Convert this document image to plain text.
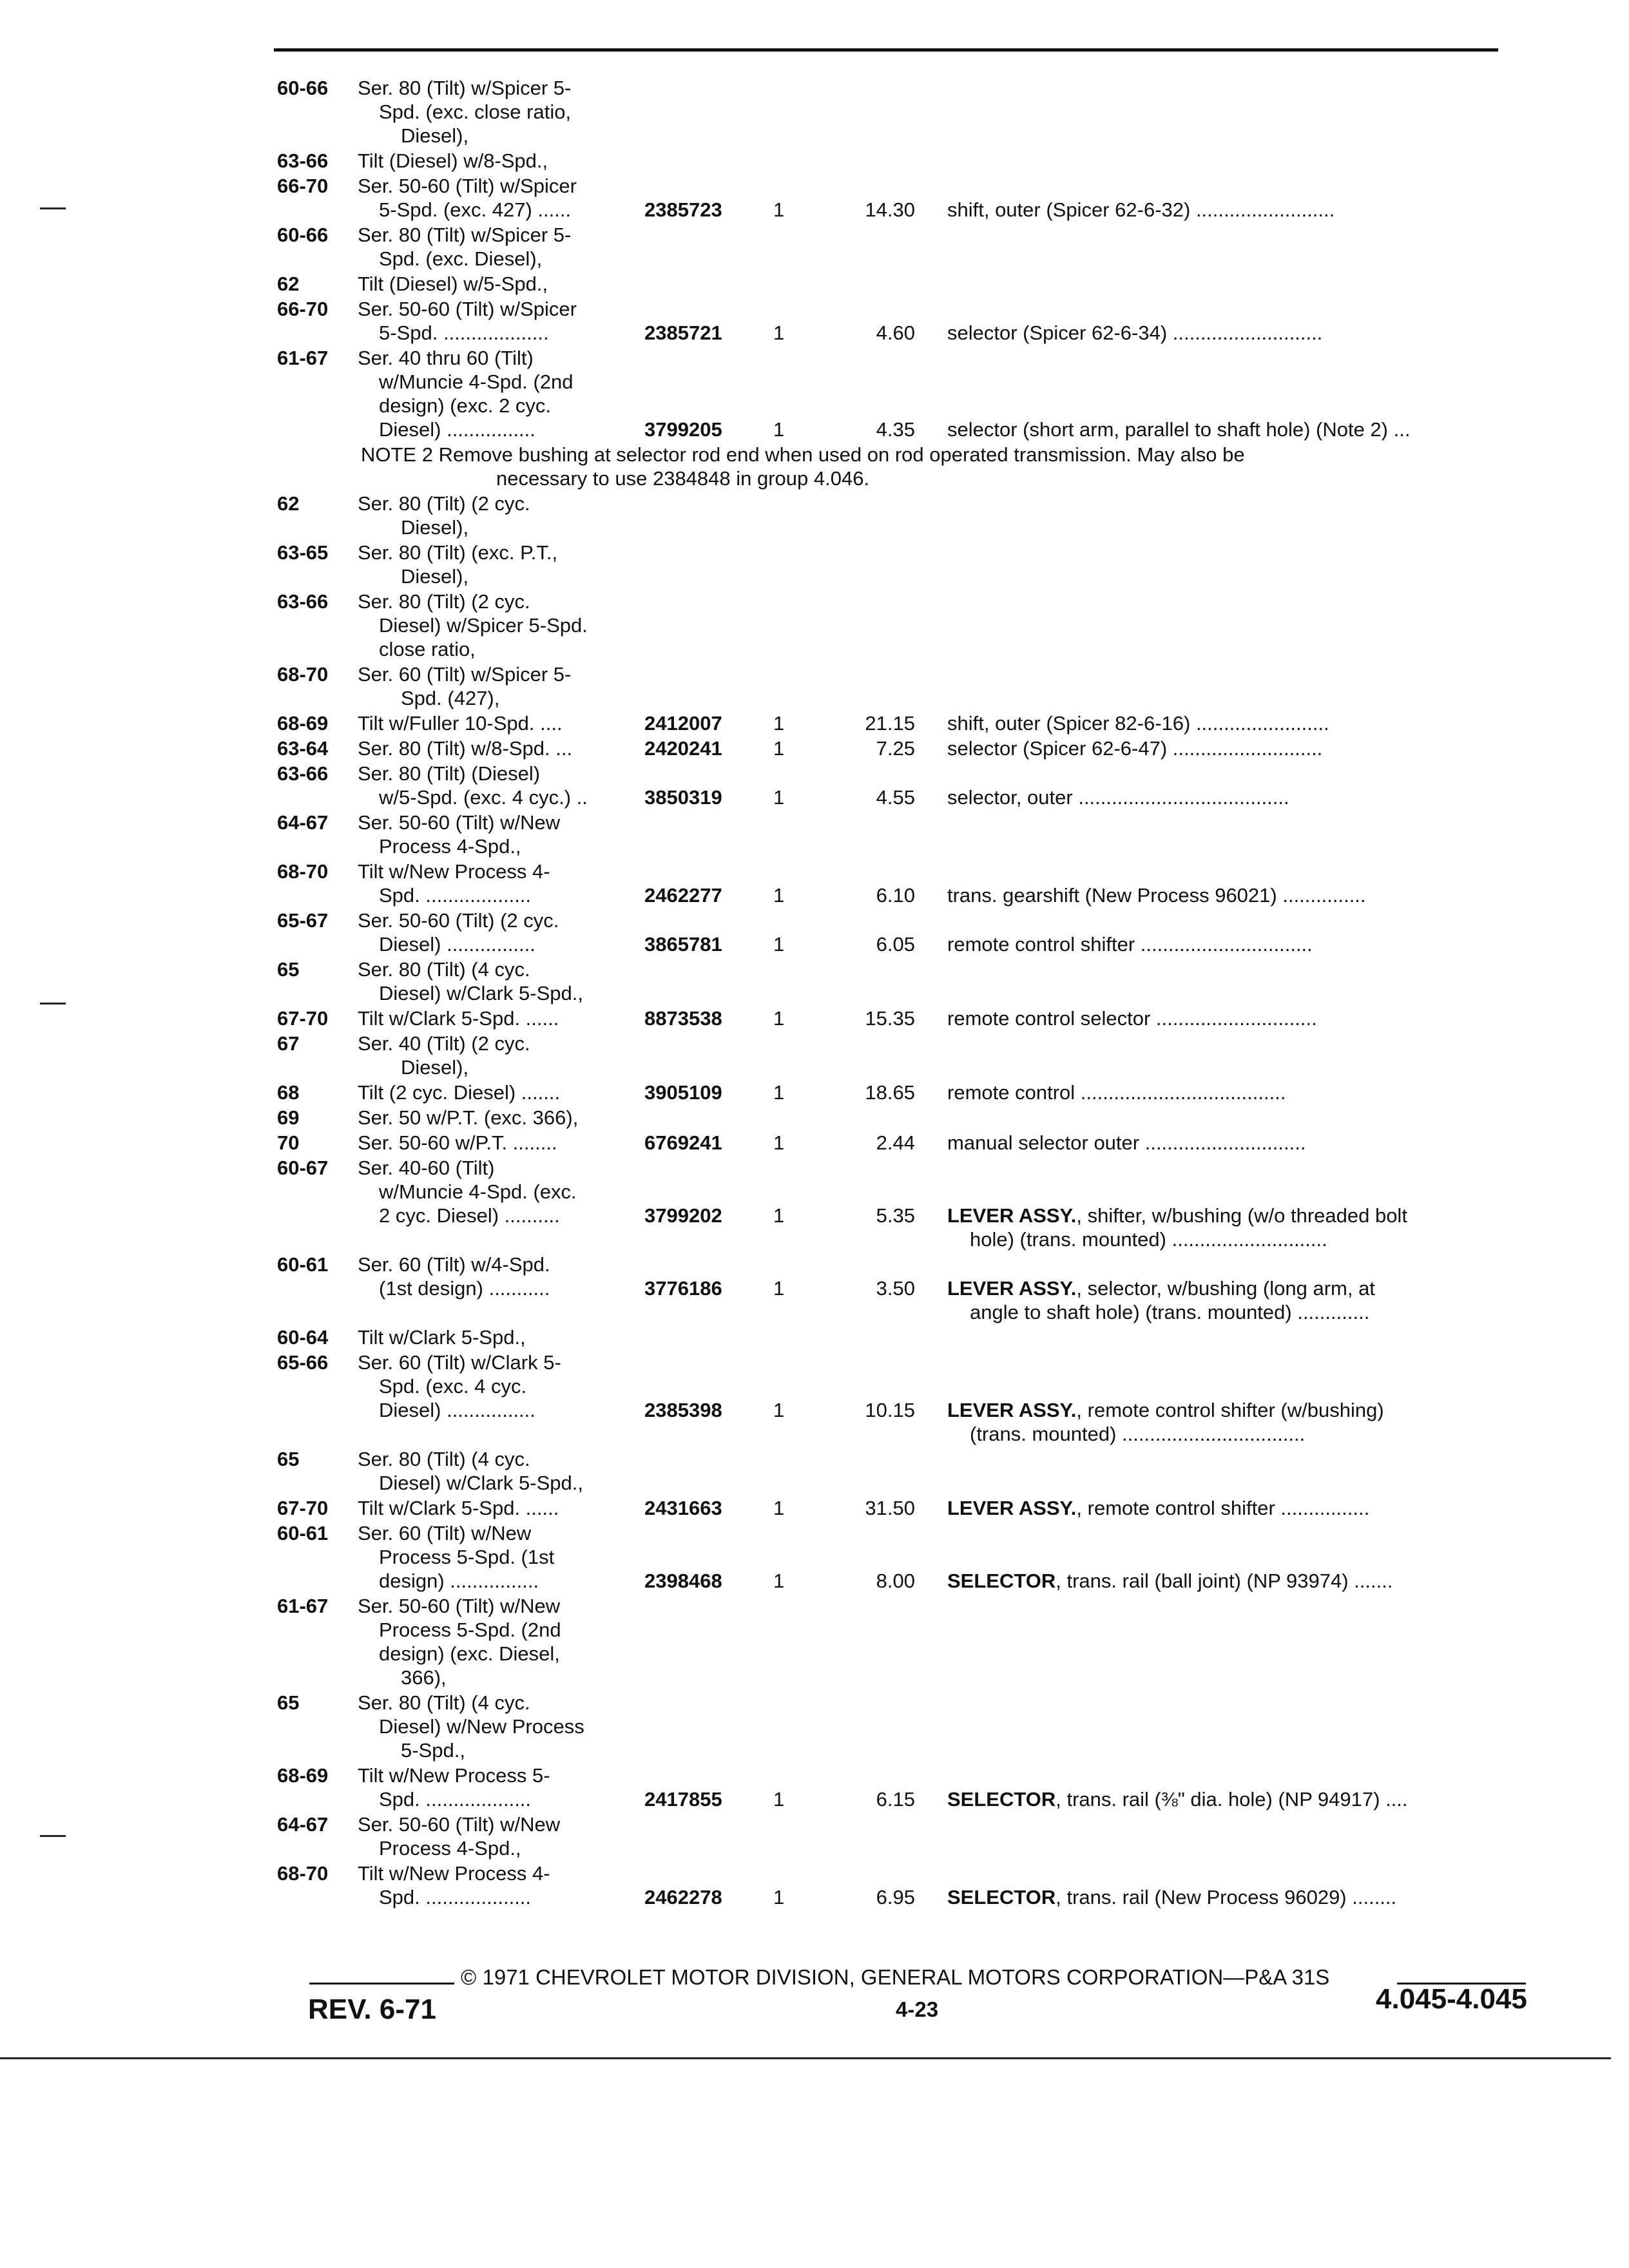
60-66 Ser. 80 (Tilt) w/Spicer 5-
Spd. (exc. close ratio,
Diesel),
63-66 Tilt (Diesel) w/8-Spd.,
66-70 Ser. 50-60 (Tilt) w/Spicer
5-Spd. (exc. 427) ......	2385723	1	14.30 shift, outer (Spicer 62-6-32) .........................
60-66 Ser. 80 (Tilt) w/Spicer 5-
Spd. (exc. Diesel),
62	Tilt (Diesel) w/5-Spd.,
66-70 Ser. 50-60 (Tilt) w/Spicer
5-Spd. ...................	2385721	1	4.60 selector (Spicer 62-6-34) ...........................
61-67 Ser. 40 thru 60 (Tilt)
w/Muncie 4-Spd. (2nd
design) (exc. 2 cyc.
Diesel) ................	3799205	1	4.35 selector (short arm, parallel to shaft hole) (Note 2) ...
NOTE 2 Remove bushing at selector rod end when used on rod operated transmission. May also be
necessary to use 2384848 in group 4.046.
62	Ser. 80 (Tilt) (2 cyc.
Diesel),
63-65 Ser. 80 (Tilt) (exc. P.T.,
Diesel),
63-66 Ser. 80 (Tilt) (2 cyc.
Diesel) w/Spicer 5-Spd.
close ratio,
68-70 Ser. 60 (Tilt) w/Spicer 5-
Spd. (427),
68-69 Tilt w/Fuller 10-Spd. ....	2412007	1	21.15 shift, outer (Spicer 82-6-16) ........................
63-64 Ser. 80 (Tilt) w/8-Spd. ...	2420241	1	7.25 selector (Spicer 62-6-47) ...........................
63-66 Ser. 80 (Tilt) (Diesel)
w/5-Spd. (exc. 4 cyc.) ..	3850319	1	4.55 selector, outer ......................................
64-67 Ser. 50-60 (Tilt) w/New
Process 4-Spd.,
68-70 Tilt w/New Process 4-
Spd. ...................	2462277	1	6.10 trans. gearshift (New Process 96021) ...............
65-67 Ser. 50-60 (Tilt) (2 cyc.
Diesel) ................	3865781	1	6.05 remote control shifter ...............................
65	Ser. 80 (Tilt) (4 cyc.
Diesel) w/Clark 5-Spd.,
67-70 Tilt w/Clark 5-Spd. ......	8873538	1	15.35 remote control selector .............................
67	Ser. 40 (Tilt) (2 cyc.
Diesel),
68	Tilt (2 cyc. Diesel) .......	3905109	1	18.65 remote control .....................................
69	Ser. 50 w/P.T. (exc. 366),
70	Ser. 50-60 w/P.T. ........	6769241	1	2.44 manual selector outer .............................
60-67 Ser. 40-60 (Tilt)
w/Muncie 4-Spd. (exc.
2 cyc. Diesel) ..........	3799202	1	5.35 LEVER ASSY., shifter, w/bushing (w/o threaded bolt
hole) (trans. mounted) ............................
60-61 Ser. 60 (Tilt) w/4-Spd.
(1st design) ...........	3776186	1	3.50 LEVER ASSY., selector, w/bushing (long arm, at
angle to shaft hole) (trans. mounted) .............
60-64 Tilt w/Clark 5-Spd.,
65-66 Ser. 60 (Tilt) w/Clark 5-
Spd. (exc. 4 cyc.
Diesel) ................	2385398	1	10.15 LEVER ASSY., remote control shifter (w/bushing)
(trans. mounted) .................................
65	Ser. 80 (Tilt) (4 cyc.
Diesel) w/Clark 5-Spd.,
67-70 Tilt w/Clark 5-Spd. ......	2431663	1	31.50 LEVER ASSY., remote control shifter ................
60-61 Ser. 60 (Tilt) w/New
Process 5-Spd. (1st
design) ................	2398468	1	8.00 SELECTOR, trans. rail (ball joint) (NP 93974) .......
61-67 Ser. 50-60 (Tilt) w/New
Process 5-Spd. (2nd
design) (exc. Diesel,
366),
65	Ser. 80 (Tilt) (4 cyc.
Diesel) w/New Process
5-Spd.,
68-69 Tilt w/New Process 5-
Spd. ...................	2417855	1	6.15 SELECTOR, trans. rail (⅜" dia. hole) (NP 94917) ....
64-67 Ser. 50-60 (Tilt) w/New
Process 4-Spd.,
68-70 Tilt w/New Process 4-
Spd. ...................	2462278	1	6.95 SELECTOR, trans. rail (New Process 96029) ........
© 1971 CHEVROLET MOTOR DIVISION, GENERAL MOTORS CORPORATION—P&A 31S
REV. 6-71	4-23	4.045-4.045
